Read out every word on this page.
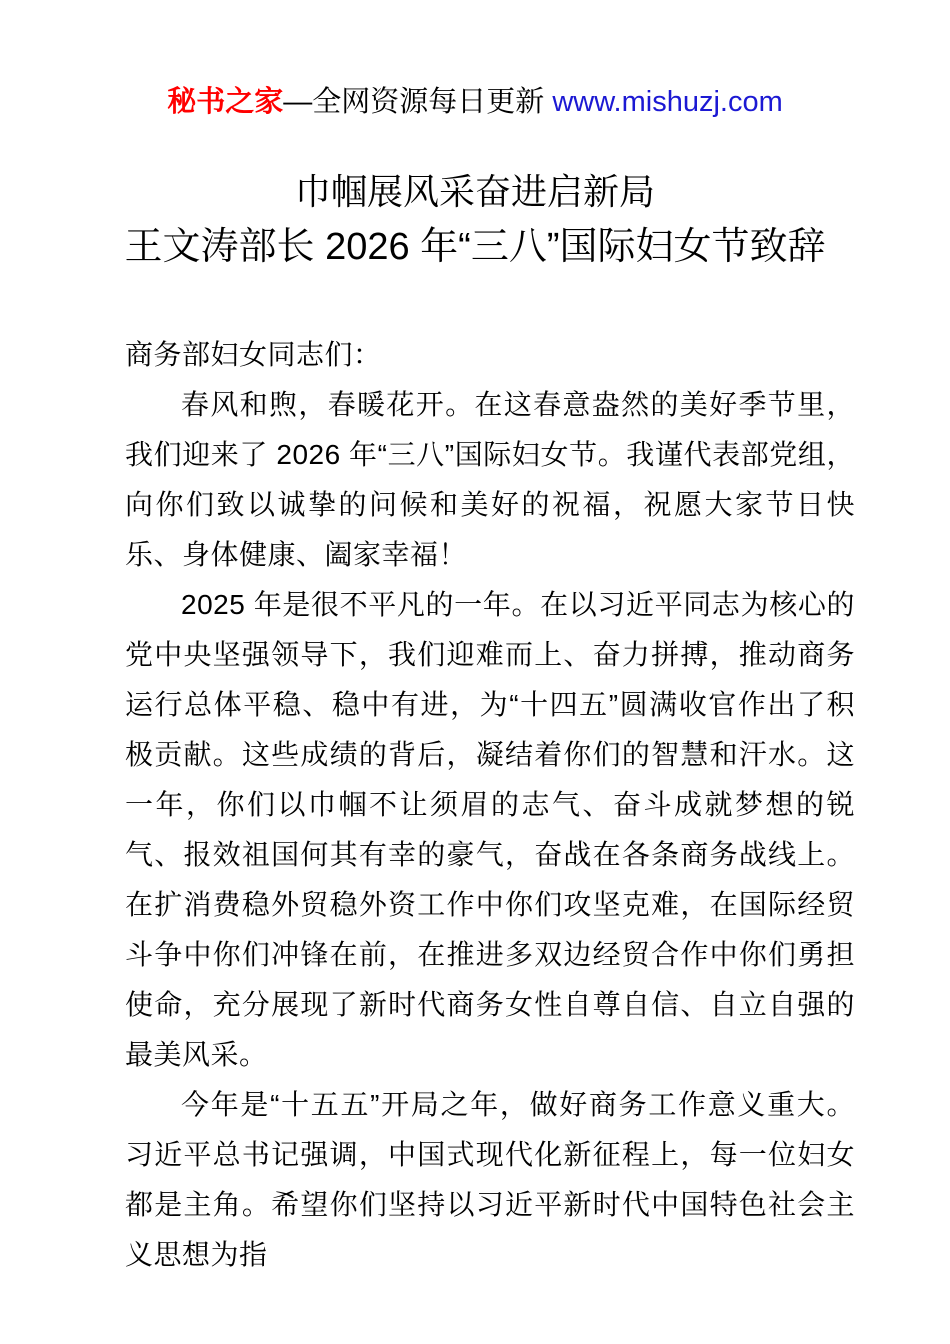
秘书之家—全网资源每日更新 www.mishuzj.com
巾帼展风采奋进启新局
王文涛部长 2026 年“三八”国际妇女节致辞

商务部妇女同志们：

春风和煦，春暖花开。在这春意盎然的美好季节里，我们迎来了 2026 年“三八”国际妇女节。我谨代表部党组，向你们致以诚挚的问候和美好的祝福，祝愿大家节日快乐、身体健康、阖家幸福！

2025 年是很不平凡的一年。在以习近平同志为核心的党中央坚强领导下，我们迎难而上、奋力拼搏，推动商务运行总体平稳、稳中有进，为“十四五”圆满收官作出了积极贡献。这些成绩的背后，凝结着你们的智慧和汗水。这一年，你们以巾帼不让须眉的志气、奋斗成就梦想的锐气、报效祖国何其有幸的豪气，奋战在各条商务战线上。在扩消费稳外贸稳外资工作中你们攻坚克难，在国际经贸斗争中你们冲锋在前，在推进多双边经贸合作中你们勇担使命，充分展现了新时代商务女性自尊自信、自立自强的最美风采。

今年是“十五五”开局之年，做好商务工作意义重大。习近平总书记强调，中国式现代化新征程上，每一位妇女都是主角。希望你们坚持以习近平新时代中国特色社会主义思想为指
